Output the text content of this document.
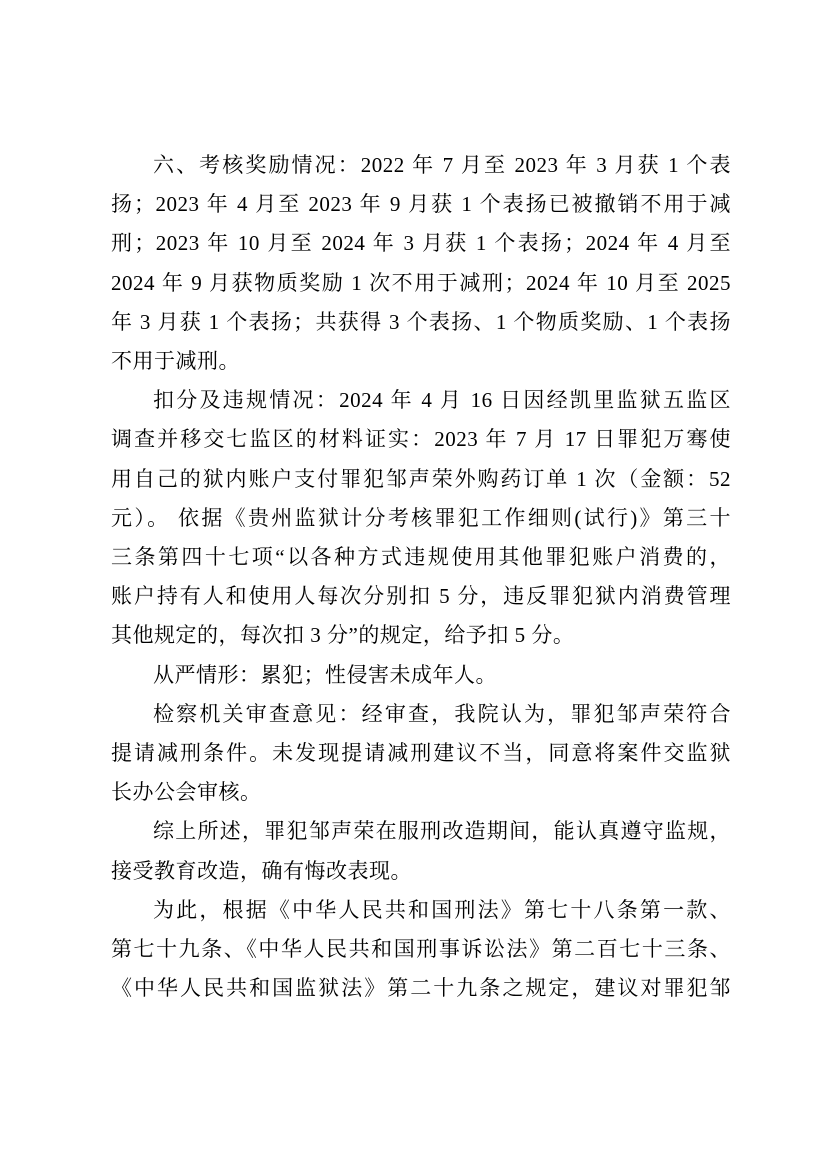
六、考核奖励情况：2022 年 7 月至 2023 年 3 月获 1 个表
扬；2023 年 4 月至 2023 年 9 月获 1 个表扬已被撤销不用于减
刑；2023 年 10 月至 2024 年 3 月获 1 个表扬；2024 年 4 月至
2024 年 9 月获物质奖励 1 次不用于减刑；2024 年 10 月至 2025
年 3 月获 1 个表扬；共获得 3 个表扬、1 个物质奖励、1 个表扬
不用于减刑。
扣分及违规情况：2024 年 4 月 16 日因经凯里监狱五监区
调查并移交七监区的材料证实：2023 年 7 月 17 日罪犯万骞使
用自己的狱内账户支付罪犯邹声荣外购药订单 1 次（金额：52
元）。 依据《贵州监狱计分考核罪犯工作细则(试行)》第三十
三条第四十七项“以各种方式违规使用其他罪犯账户消费的，
账户持有人和使用人每次分别扣 5 分，违反罪犯狱内消费管理
其他规定的，每次扣 3 分”的规定，给予扣 5 分。
从严情形：累犯；性侵害未成年人。
检察机关审查意见：经审查，我院认为，罪犯邹声荣符合
提请减刑条件。未发现提请减刑建议不当，同意将案件交监狱
长办公会审核。
综上所述，罪犯邹声荣在服刑改造期间，能认真遵守监规，
接受教育改造，确有悔改表现。
为此，根据《中华人民共和国刑法》第七十八条第一款、
第七十九条、《中华人民共和国刑事诉讼法》第二百七十三条、
《中华人民共和国监狱法》第二十九条之规定，建议对罪犯邹
